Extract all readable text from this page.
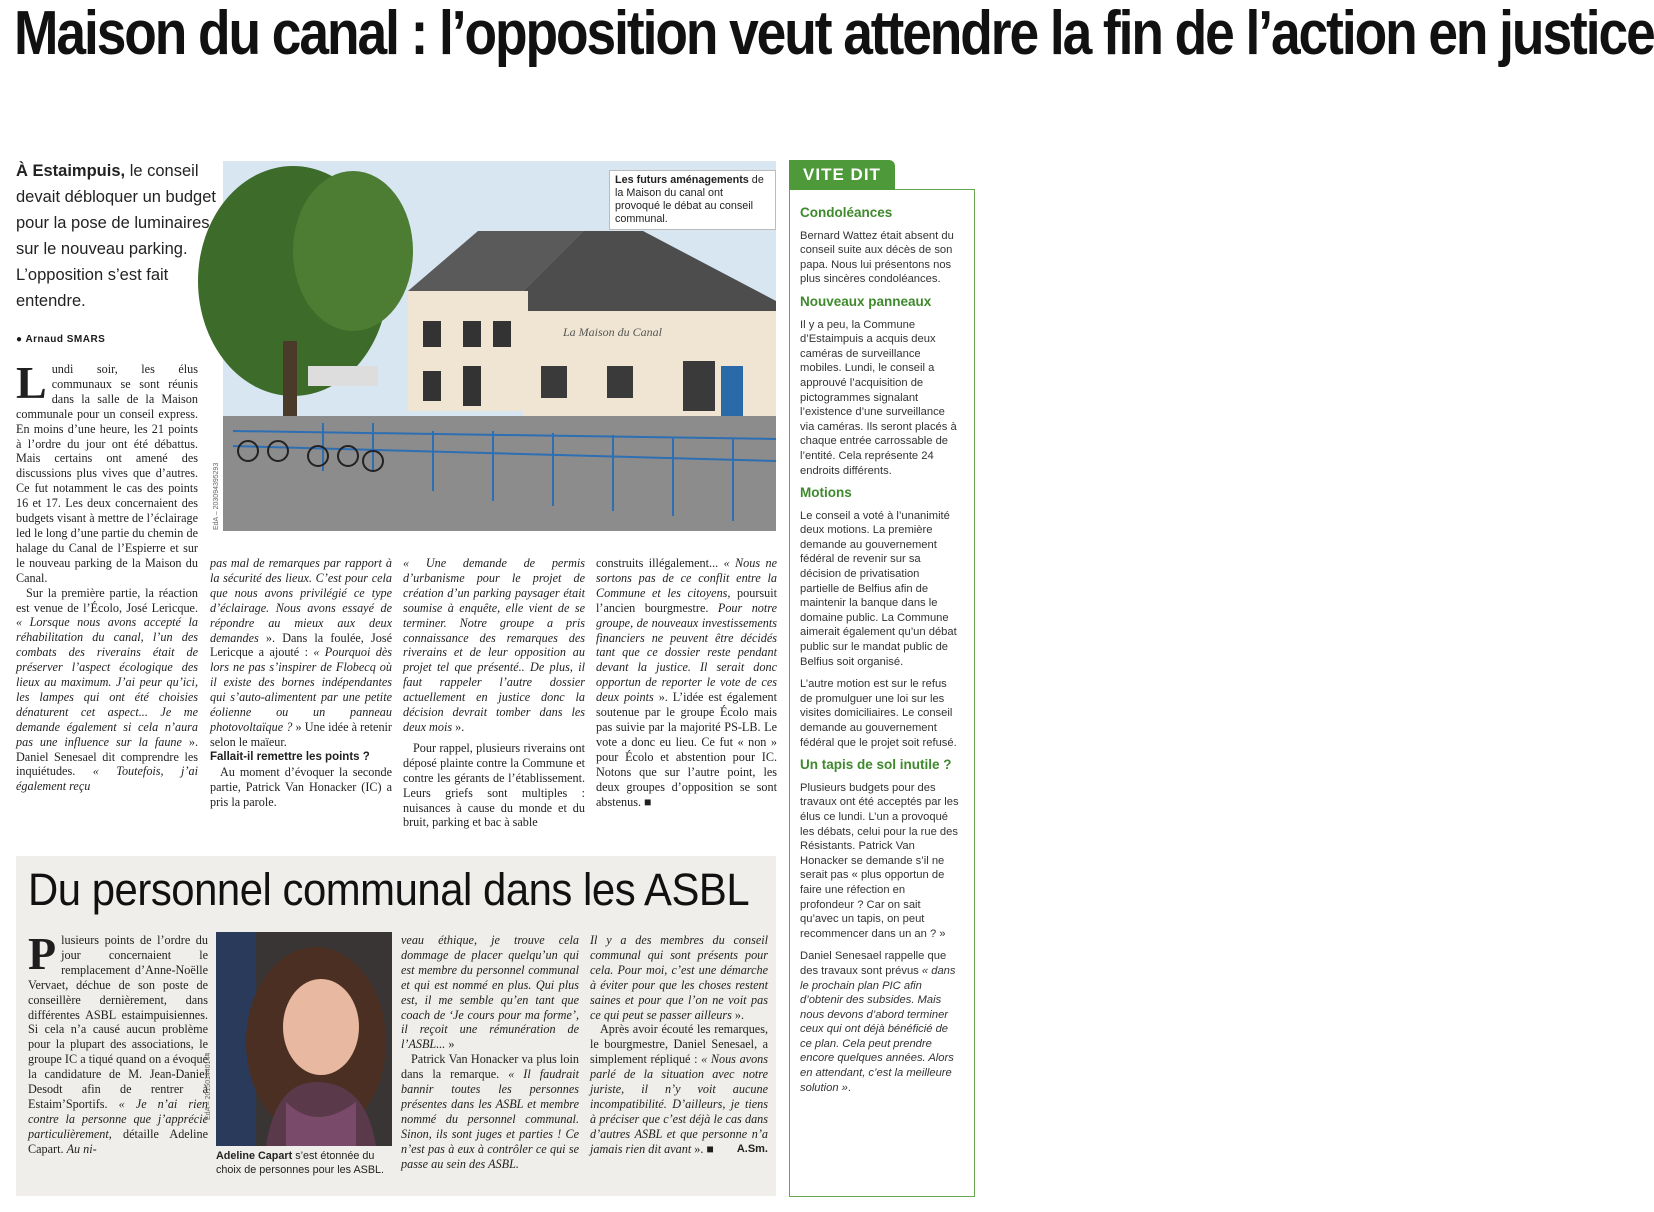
Maison du canal : l’opposition veut attendre la fin de l’action en justice
À Estaimpuis, le conseil devait débloquer un budget pour la pose de luminaires sur le nouveau parking. L’opposition s’est fait entendre.
● Arnaud SMARS
La Maison du Canal
Les futurs aménagements de la Maison du canal ont provoqué le débat au conseil communal.
EdA – 203094395293

Lundi soir, les élus communaux se sont réunis dans la salle de la Maison communale pour un conseil express. En moins d’une heure, les 21 points à l’ordre du jour ont été débattus. Mais certains ont amené des discussions plus vives que d’autres. Ce fut notamment le cas des points 16 et 17. Les deux concernaient des budgets visant à mettre de l’éclairage led le long d’une partie du chemin de halage du Canal de l’Espierre et sur le nouveau parking de la Maison du Canal.

Sur la première partie, la réaction est venue de l’Écolo, José Lericque. « Lorsque nous avons accepté la réhabilitation du canal, l’un des combats des riverains était de préserver l’aspect écologique des lieux au maximum. J’ai peur qu’ici, les lampes qui ont été choisies dénaturent cet aspect... Je me demande également si cela n’aura pas une influence sur la faune ». Daniel Senesael dit comprendre les inquiétudes. « Toutefois, j’ai également reçu

pas mal de remarques par rapport à la sécurité des lieux. C’est pour cela que nous avons privilégié ce type d’éclairage. Nous avons essayé de répondre au mieux aux deux demandes ». Dans la foulée, José Lericque a ajouté : « Pourquoi dès lors ne pas s’inspirer de Flobecq où il existe des bornes indépendantes qui s’auto-alimentent par une petite éolienne ou un panneau photovoltaïque ? » Une idée à retenir selon le maïeur.

Fallait-il remettre les points ?

Au moment d’évoquer la seconde partie, Patrick Van Honacker (IC) a pris la parole.

« Une demande de permis d’urbanisme pour le projet de création d’un parking paysager était soumise à enquête, elle vient de se terminer. Notre groupe a pris connaissance des remarques des riverains et de leur opposition au projet tel que présenté.. De plus, il faut rappeler l’autre dossier actuellement en justice donc la décision devrait tomber dans les deux mois ».

Pour rappel, plusieurs riverains ont déposé plainte contre la Commune et contre les gérants de l’établissement. Leurs griefs sont multiples : nuisances à cause du monde et du bruit, parking et bac à sable

construits illégalement... « Nous ne sortons pas de ce conflit entre la Commune et les citoyens, poursuit l’ancien bourgmestre. Pour notre groupe, de nouveaux investissements financiers ne peuvent être décidés tant que ce dossier reste pendant devant la justice. Il serait donc opportun de reporter le vote de ces deux points ». L’idée est également soutenue par le groupe Écolo mais pas suivie par la majorité PS-LB. Le vote a donc eu lieu. Ce fut « non » pour Écolo et abstention pour IC. Notons que sur l’autre point, les deux groupes d’opposition se sont abstenus. ■

VITE DIT
Condoléances

Bernard Wattez était absent du conseil suite aux décès de son papa. Nous lui présentons nos plus sincères condoléances.

Nouveaux panneaux

Il y a peu, la Commune d’Estaimpuis a acquis deux caméras de surveillance mobiles. Lundi, le conseil a approuvé l’acquisition de pictogrammes signalant l’existence d’une surveillance via caméras. Ils seront placés à chaque entrée carrossable de l’entité. Cela représente 24 endroits différents.

Motions

Le conseil a voté à l’unanimité deux motions. La première demande au gouvernement fédéral de revenir sur sa décision de privatisation partielle de Belfius afin de maintenir la banque dans le domaine public. La Commune aimerait également qu’un débat public sur le mandat public de Belfius soit organisé.

L’autre motion est sur le refus de promulguer une loi sur les visites domiciliaires. Le conseil demande au gouvernement fédéral que le projet soit refusé.

Un tapis de sol inutile ?

Plusieurs budgets pour des travaux ont été acceptés par les élus ce lundi. L’un a provoqué les débats, celui pour la rue des Résistants. Patrick Van Honacker se demande s’il ne serait pas « plus opportun de faire une réfection en profondeur ? Car on sait qu’avec un tapis, on peut recommencer dans un an ? »

Daniel Senesael rappelle que des travaux sont prévus « dans le prochain plan PIC afin d’obtenir des subsides. Mais nous devons d’abord terminer ceux qui ont déjà bénéficié de ce plan. Cela peut prendre encore quelques années. Alors en attendant, c’est la meilleure solution ».

Du personnel communal dans les ASBL

Plusieurs points de l’ordre du jour concernaient le remplacement d’Anne-Noëlle Vervaet, déchue de son poste de conseillère dernièrement, dans différentes ASBL estaimpuisiennes. Si cela n’a causé aucun problème pour la plupart des associations, le groupe IC a tiqué quand on a évoqué la candidature de M. Jean-Daniel Desodt afin de rentrer à Estaim’Sportifs. « Je n’ai rien contre la personne que j’apprécie particulièrement, détaille Adeline Capart. Au ni-

EdA – 201501440144
Adeline Capart s’est étonnée du choix de personnes pour les ASBL.

veau éthique, je trouve cela dommage de placer quelqu’un qui est membre du personnel communal et qui est nommé en plus. Qui plus est, il me semble qu’en tant que coach de ‘Je cours pour ma forme’, il reçoit une rémunération de l’ASBL... »

Patrick Van Honacker va plus loin dans la remarque. « Il faudrait bannir toutes les personnes présentes dans les ASBL et membre nommé du personnel communal. Sinon, ils sont juges et parties ! Ce n’est pas à eux à contrôler ce qui se passe au sein des ASBL.

Il y a des membres du conseil communal qui sont présents pour cela. Pour moi, c’est une démarche à éviter pour que les choses restent saines et pour que l’on ne voit pas ce qui peut se passer ailleurs ».

Après avoir écouté les remarques, le bourgmestre, Daniel Senesael, a simplement répliqué : « Nous avons parlé de la situation avec notre juriste, il n’y voit aucune incompatibilité. D’ailleurs, je tiens à préciser que c’est déjà le cas dans d’autres ASBL et que personne n’a jamais rien dit avant ». ■	A.Sm.
